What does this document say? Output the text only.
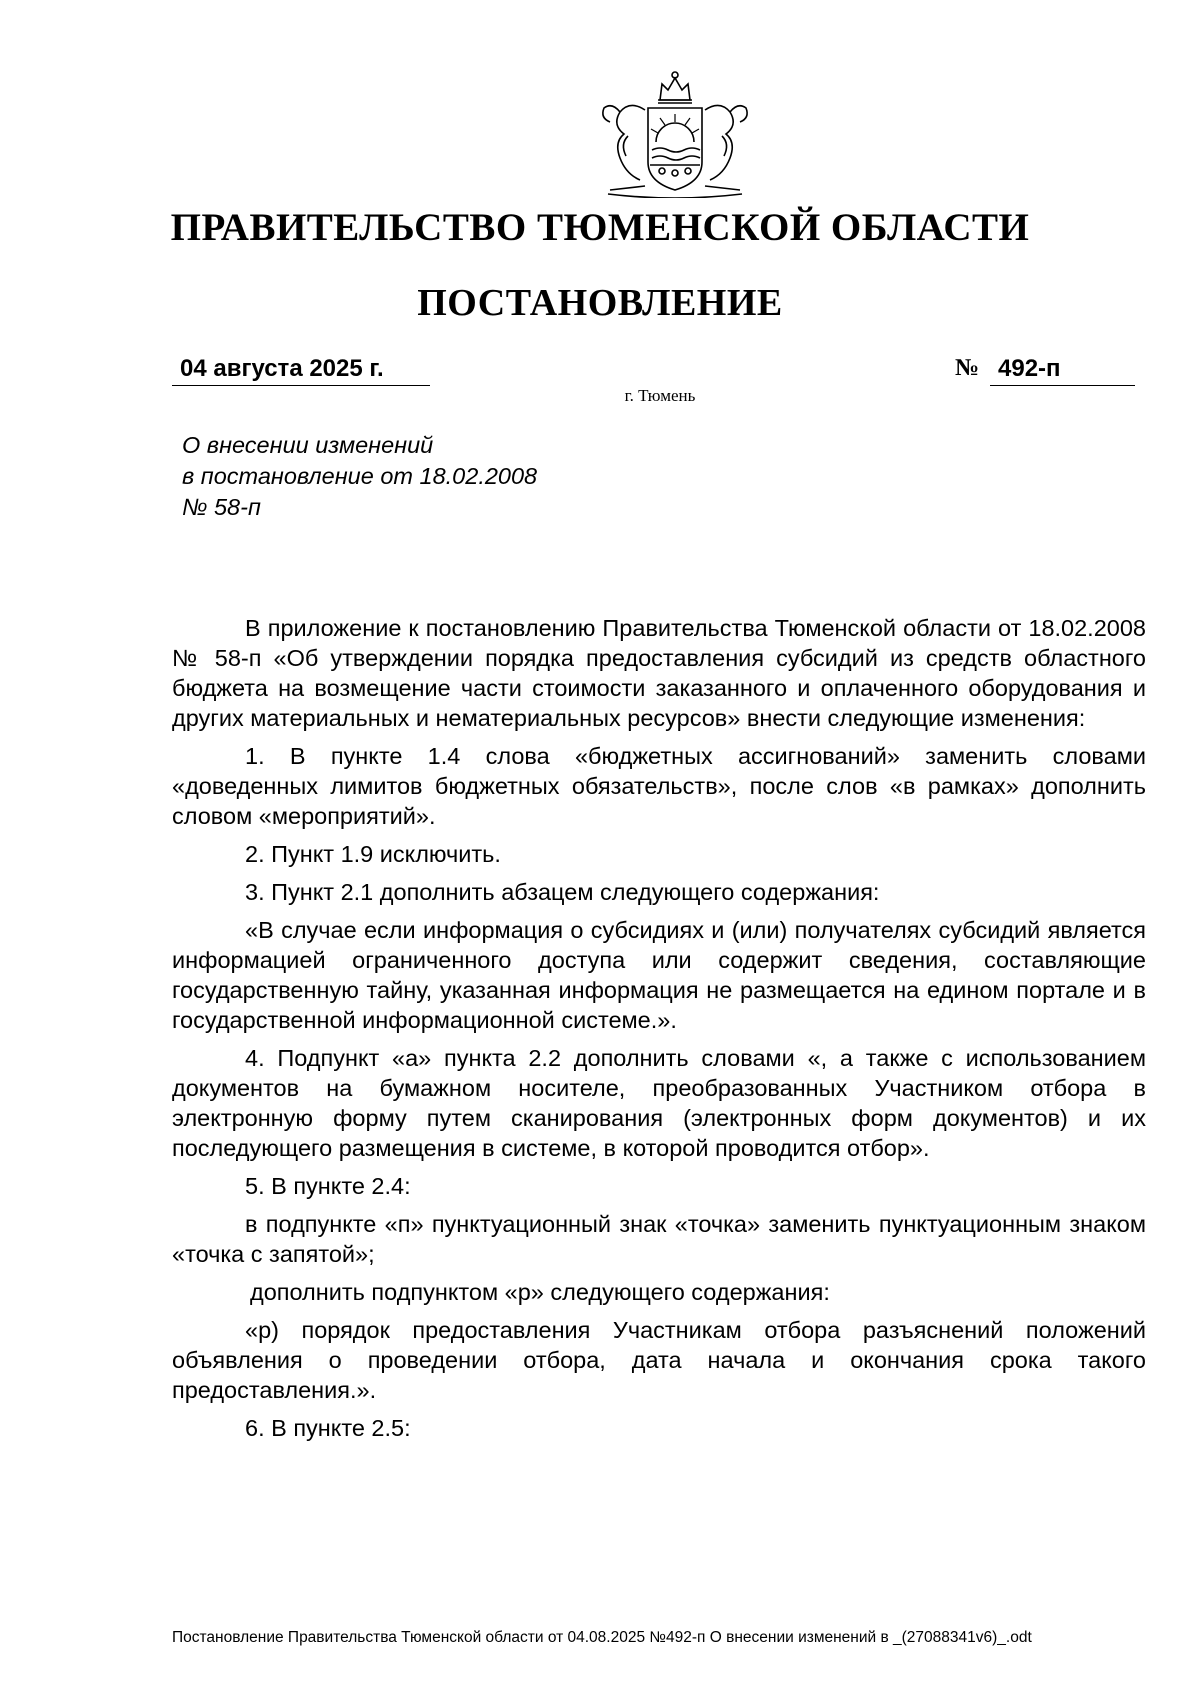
ПРАВИТЕЛЬСТВО ТЮМЕНСКОЙ ОБЛАСТИ
ПОСТАНОВЛЕНИЕ
04 августа 2025 г.	№ 492-п
г. Тюмень
О внесении изменений
в постановление от 18.02.2008
№ 58-п

В приложение к постановлению Правительства Тюменской области от 18.02.2008 № 58-п «Об утверждении порядка предоставления субсидий из средств областного бюджета на возмещение части стоимости заказанного и оплаченного оборудования и других материальных и нематериальных ресурсов» внести следующие изменения:

1. В пункте 1.4 слова «бюджетных ассигнований» заменить словами «доведенных лимитов бюджетных обязательств», после слов «в рамках» дополнить словом «мероприятий».

2. Пункт 1.9 исключить.

3. Пункт 2.1 дополнить абзацем следующего содержания:

«В случае если информация о субсидиях и (или) получателях субсидий является информацией ограниченного доступа или содержит сведения, составляющие государственную тайну, указанная информация не размещается на едином портале и в государственной информационной системе.».

4. Подпункт «а» пункта 2.2 дополнить словами «, а также с использованием документов на бумажном носителе, преобразованных Участником отбора в электронную форму путем сканирования (электронных форм документов) и их последующего размещения в системе, в которой проводится отбор».

5. В пункте 2.4:

в подпункте «п» пунктуационный знак «точка» заменить пунктуационным знаком «точка с запятой»;

дополнить подпунктом «р» следующего содержания:

«р) порядок предоставления Участникам отбора разъяснений положений объявления о проведении отбора, дата начала и окончания срока такого предоставления.».

6. В пункте 2.5:

Постановление Правительства Тюменской области от 04.08.2025 №492-п О внесении изменений в _(27088341v6)_.odt
